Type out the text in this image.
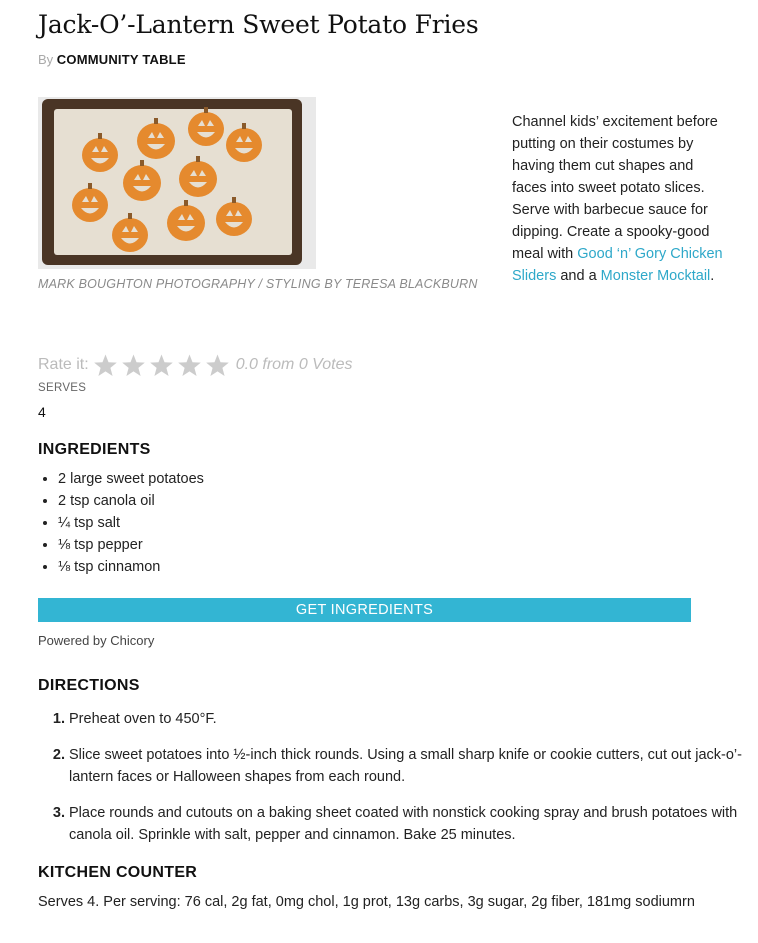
Jack-O’-Lantern Sweet Potato Fries
By COMMUNITY TABLE
MARK BOUGHTON PHOTOGRAPHY / STYLING BY TERESA BLACKBURN

Channel kids’ excitement before putting on their costumes by having them cut shapes and faces into sweet potato slices. Serve with barbecue sauce for dipping. Create a spooky-good meal with Good ‘n’ Gory Chicken Sliders and a Monster Mocktail.

Rate it:	0.0 from 0 Votes
SERVES
4
INGREDIENTS
• 2 large sweet potatoes
• 2 tsp canola oil
• ¼ tsp salt
• ⅛ tsp pepper
• ⅛ tsp cinnamon
GET INGREDIENTS
Powered by Chicory
DIRECTIONS
1. Preheat oven to 450°F.
2. Slice sweet potatoes into ½-inch thick rounds. Using a small sharp knife or cookie cutters, cut out jack-o’-lantern faces or Halloween shapes from each round.
3. Place rounds and cutouts on a baking sheet coated with nonstick cooking spray and brush potatoes with canola oil. Sprinkle with salt, pepper and cinnamon. Bake 25 minutes.
KITCHEN COUNTER

Serves 4. Per serving: 76 cal, 2g fat, 0mg chol, 1g prot, 13g carbs, 3g sugar, 2g fiber, 181mg sodiumrn
